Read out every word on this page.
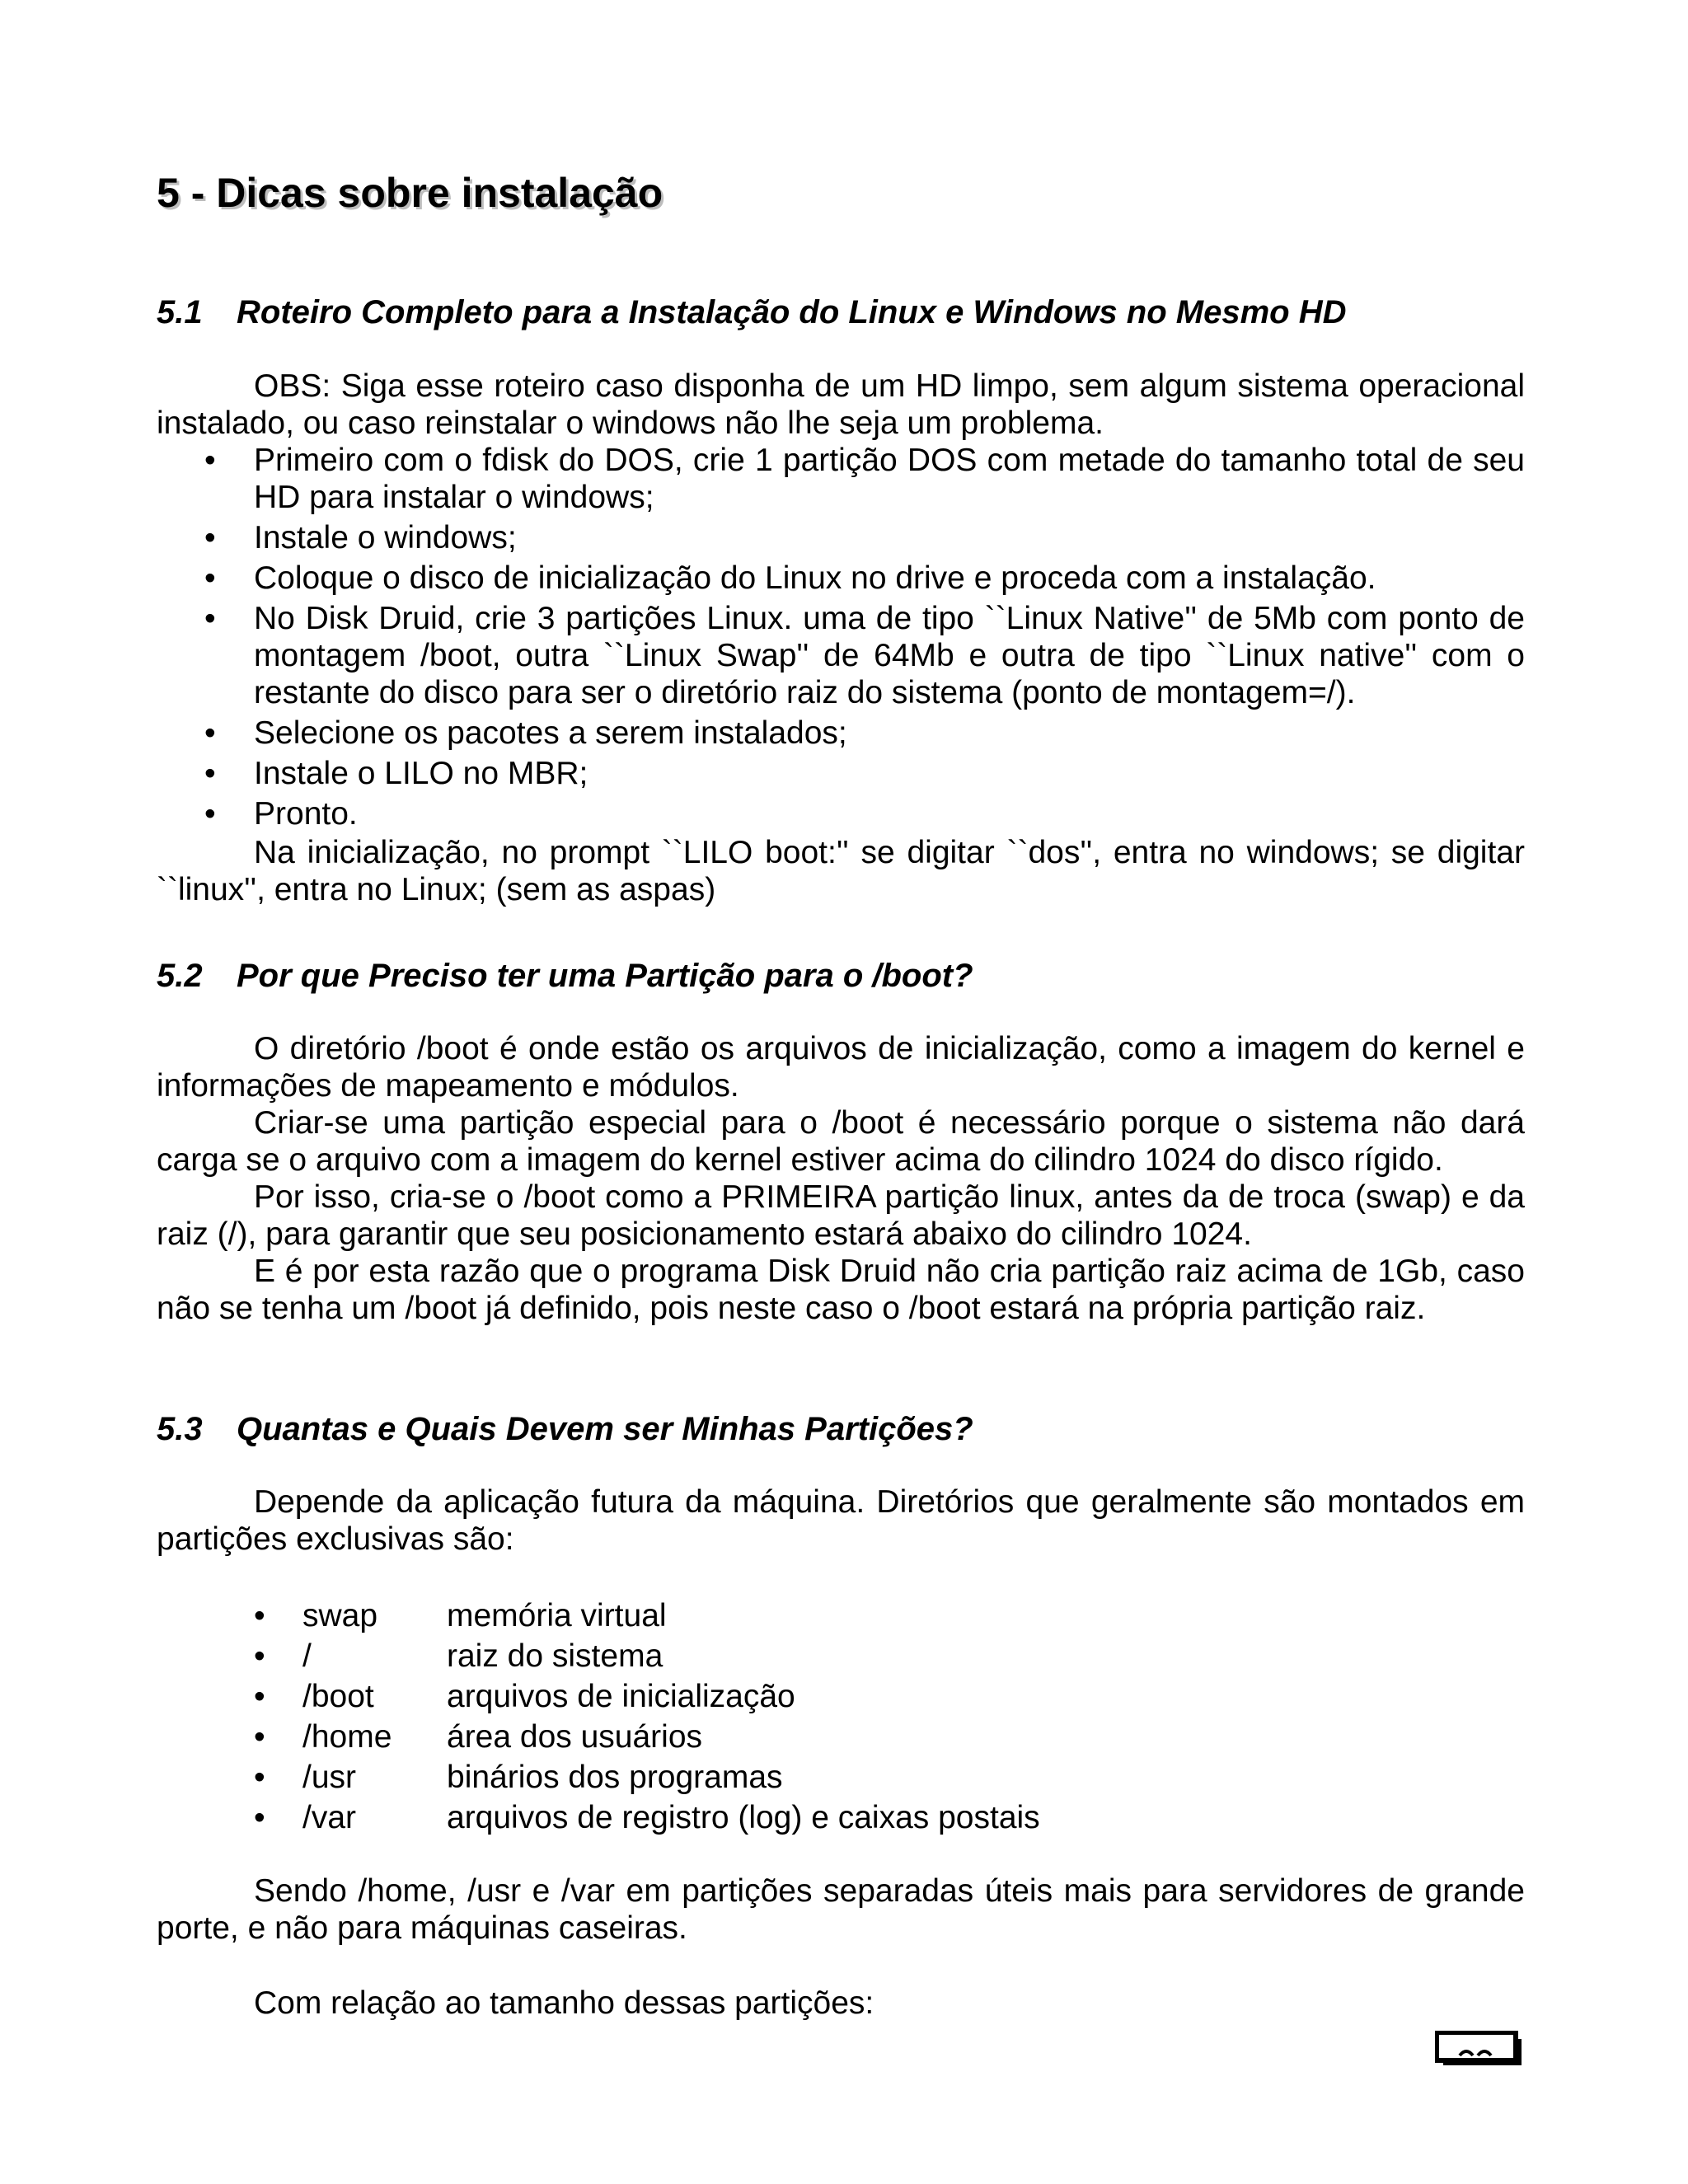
5 - Dicas sobre instalação
5.1 Roteiro Completo para a Instalação do Linux e Windows no Mesmo HD

OBS: Siga esse roteiro caso disponha de um HD limpo, sem algum sistema operacional instalado, ou caso reinstalar o windows não lhe seja um problema.

• Primeiro com o fdisk do DOS, crie 1 partição DOS com metade do tamanho total de seu HD para instalar o windows;
• Instale o windows;
• Coloque o disco de inicialização do Linux no drive e proceda com a instalação.
• No Disk Druid, crie 3 partições Linux. uma de tipo ``Linux Native'' de 5Mb com ponto de montagem /boot, outra ``Linux Swap'' de 64Mb e outra de tipo ``Linux native'' com o restante do disco para ser o diretório raiz do sistema (ponto de montagem=/).
• Selecione os pacotes a serem instalados;
• Instale o LILO no MBR;
• Pronto.

Na inicialização, no prompt ``LILO boot:'' se digitar ``dos'', entra no windows; se digitar ``linux'', entra no Linux; (sem as aspas)

5.2 Por que Preciso ter uma Partição para o /boot?

O diretório /boot é onde estão os arquivos de inicialização, como a imagem do kernel e informações de mapeamento e módulos.

Criar-se uma partição especial para o /boot é necessário porque o sistema não dará carga se o arquivo com a imagem do kernel estiver acima do cilindro 1024 do disco rígido.

Por isso, cria-se o /boot como a PRIMEIRA partição linux, antes da de troca (swap) e da raiz (/), para garantir que seu posicionamento estará abaixo do cilindro 1024.

E é por esta razão que o programa Disk Druid não cria partição raiz acima de 1Gb, caso não se tenha um /boot já definido, pois neste caso o /boot estará na própria partição raiz.

5.3 Quantas e Quais Devem ser Minhas Partições?

Depende da aplicação futura da máquina. Diretórios que geralmente são montados em partições exclusivas são:

• swap memória virtual
• /	raiz do sistema
• /boot arquivos de inicialização
• /home área dos usuários
• /usr	binários dos programas
• /var	arquivos de registro (log) e caixas postais

Sendo /home, /usr e /var em partições separadas úteis mais para servidores de grande porte, e não para máquinas caseiras.

Com relação ao tamanho dessas partições:
